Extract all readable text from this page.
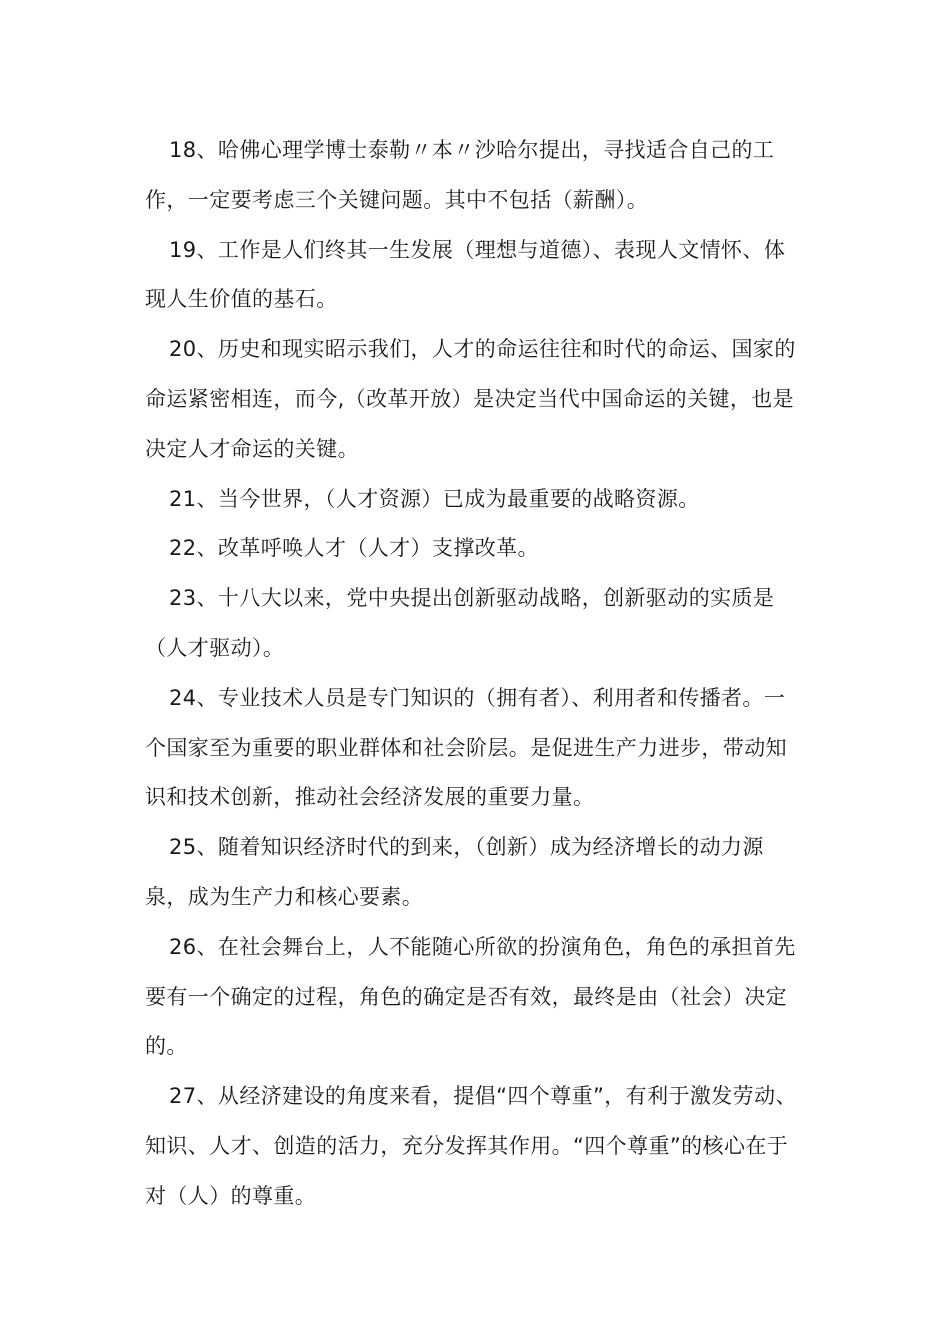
18、哈佛心理学博士泰勒〃本〃沙哈尔提出，寻找适合自己的工作，一定要考虑三个关键问题。其中不包括（薪酬）。

19、工作是人们终其一生发展（理想与道德）、表现人文情怀、体现人生价值的基石。

20、历史和现实昭示我们，人才的命运往往和时代的命运、国家的命运紧密相连，而今,（改革开放）是决定当代中国命运的关键，也是决定人才命运的关键。

21、当今世界，（人才资源）已成为最重要的战略资源。

22、改革呼唤人才（人才）支撑改革。

23、十八大以来，党中央提出创新驱动战略，创新驱动的实质是（人才驱动）。

24、专业技术人员是专门知识的（拥有者）、利用者和传播者。一个国家至为重要的职业群体和社会阶层。是促进生产力进步，带动知识和技术创新，推动社会经济发展的重要力量。

25、随着知识经济时代的到来，（创新）成为经济增长的动力源泉，成为生产力和核心要素。

26、在社会舞台上，人不能随心所欲的扮演角色，角色的承担首先要有一个确定的过程，角色的确定是否有效，最终是由（社会）决定的。

27、从经济建设的角度来看，提倡“四个尊重”，有利于激发劳动、知识、人才、创造的活力，充分发挥其作用。“四个尊重”的核心在于对（人）的尊重。
